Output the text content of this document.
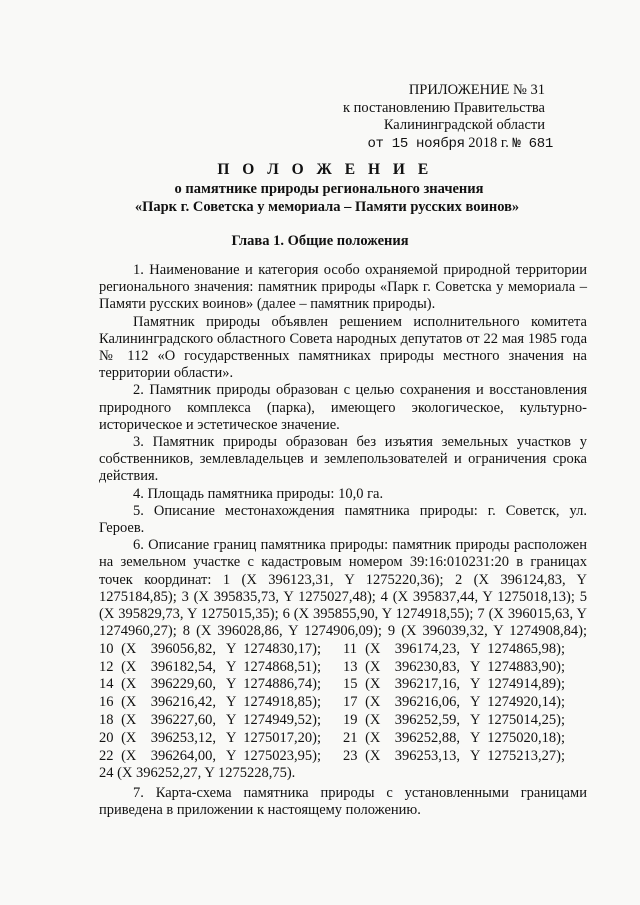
ПРИЛОЖЕНИЕ № 31
к постановлению Правительства
Калининградской области
от 15 ноября 2018 г. № 681
П О Л О Ж Е Н И Е
о памятнике природы регионального значения
«Парк г. Советска у мемориала – Памяти русских воинов»
Глава 1. Общие положения

1. Наименование и категория особо охраняемой природной территории регионального значения: памятник природы «Парк г. Советска у мемориала – Памяти русских воинов» (далее – памятник природы).

Памятник природы объявлен решением исполнительного комитета Калининградского областного Совета народных депутатов от 22 мая 1985 года № 112 «О государственных памятниках природы местного значения на территории области».

2. Памятник природы образован с целью сохранения и восстановления природного комплекса (парка), имеющего экологическое, культурно-историческое и эстетическое значение.

3. Памятник природы образован без изъятия земельных участков у собственников, землевладельцев и землепользователей и ограничения срока действия.

4. Площадь памятника природы: 10,0 га.

5. Описание местонахождения памятника природы: г. Советск, ул. Героев.

6. Описание границ памятника природы: памятник природы расположен на земельном участке с кадастровым номером 39:16:010231:20 в границах точек координат: 1 (X 396123,31, Y 1275220,36); 2 (X 396124,83, Y 1275184,85); 3 (X 395835,73, Y 1275027,48); 4 (X 395837,44, Y 1275018,13); 5 (X 395829,73, Y 1275015,35); 6 (X 395855,90, Y 1274918,55); 7 (X 396015,63, Y 1274960,27); 8 (X 396028,86, Y 1274906,09); 9 (X 396039,32, Y 1274908,84);

10	(X	396056,82,	Y	1274830,17);	11	(X	396174,23,	Y	1274865,98);
12	(X	396182,54,	Y	1274868,51);	13	(X	396230,83,	Y	1274883,90);
14	(X	396229,60,	Y	1274886,74);	15	(X	396217,16,	Y	1274914,89);
16	(X	396216,42,	Y	1274918,85);	17	(X	396216,06,	Y	1274920,14);
18	(X	396227,60,	Y	1274949,52);	19	(X	396252,59,	Y	1275014,25);
20	(X	396253,12,	Y	1275017,20);	21	(X	396252,88,	Y	1275020,18);
22	(X	396264,00,	Y	1275023,95);	23	(X	396253,13,	Y	1275213,27);

24 (X 396252,27, Y 1275228,75).

7. Карта-схема памятника природы с установленными границами приведена в приложении к настоящему положению.
